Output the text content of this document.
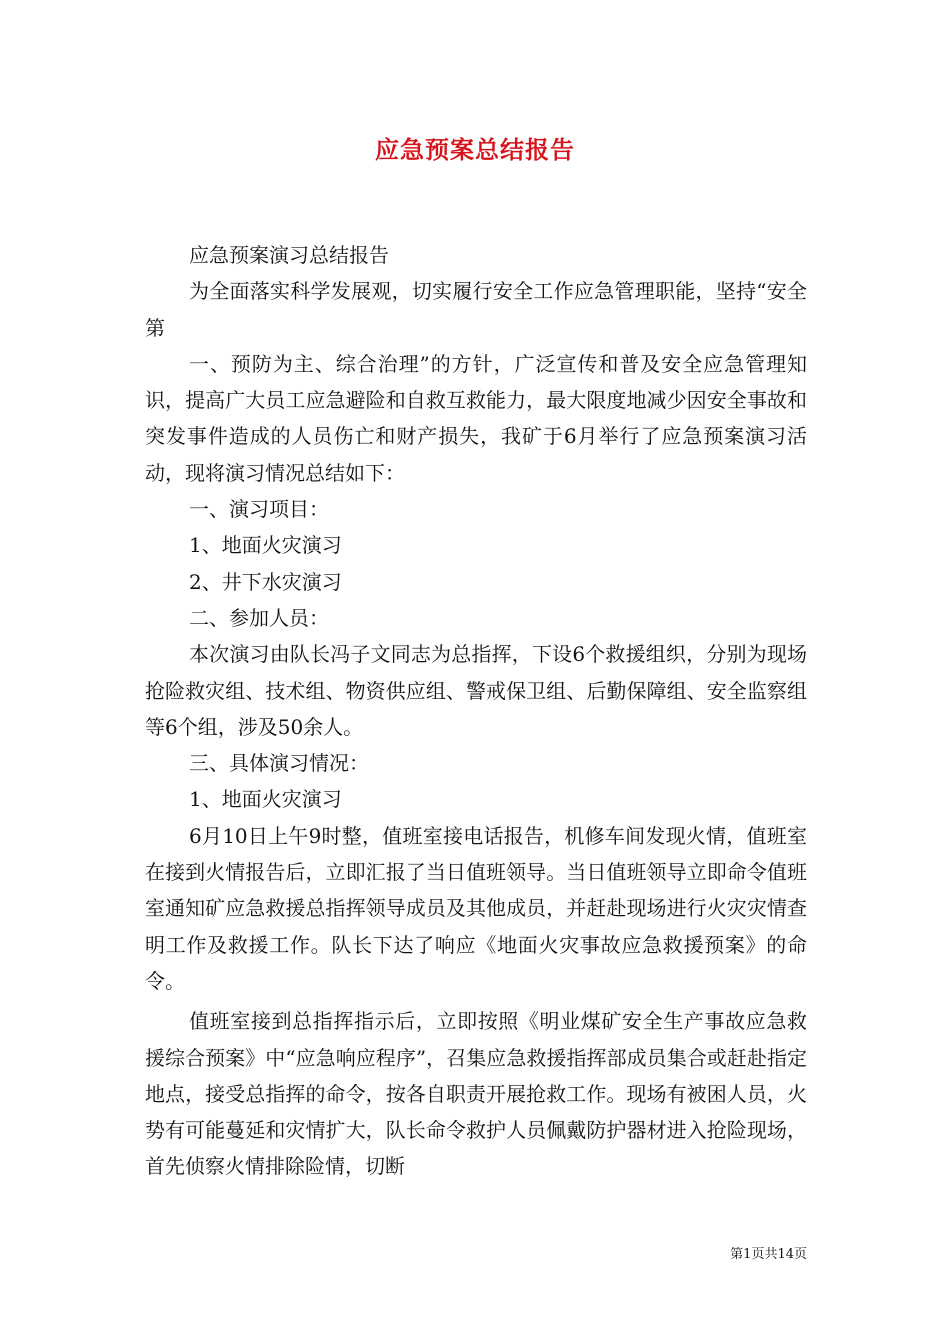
应急预案总结报告

应急预案演习总结报告

为全面落实科学发展观，切实履行安全工作应急管理职能，坚持“安全第

一、预防为主、综合治理”的方针，广泛宣传和普及安全应急管理知识，提高广大员工应急避险和自救互救能力，最大限度地减少因安全事故和突发事件造成的人员伤亡和财产损失，我矿于6月举行了应急预案演习活动，现将演习情况总结如下：

一、演习项目：

1、地面火灾演习

2、井下水灾演习

二、参加人员：

本次演习由队长冯子文同志为总指挥，下设6个救援组织，分别为现场抢险救灾组、技术组、物资供应组、警戒保卫组、后勤保障组、安全监察组等6个组，涉及50余人。

三、具体演习情况：

1、地面火灾演习

6月10日上午9时整，值班室接电话报告，机修车间发现火情，值班室在接到火情报告后，立即汇报了当日值班领导。当日值班领导立即命令值班室通知矿应急救援总指挥领导成员及其他成员，并赶赴现场进行火灾灾情查明工作及救援工作。队长下达了响应《地面火灾事故应急救援预案》的命令。

值班室接到总指挥指示后，立即按照《明业煤矿安全生产事故应急救援综合预案》中“应急响应程序”，召集应急救援指挥部成员集合或赶赴指定地点，接受总指挥的命令，按各自职责开展抢救工作。现场有被困人员，火势有可能蔓延和灾情扩大，队长命令救护人员佩戴防护器材进入抢险现场，首先侦察火情排除险情，切断

第1页共14页
